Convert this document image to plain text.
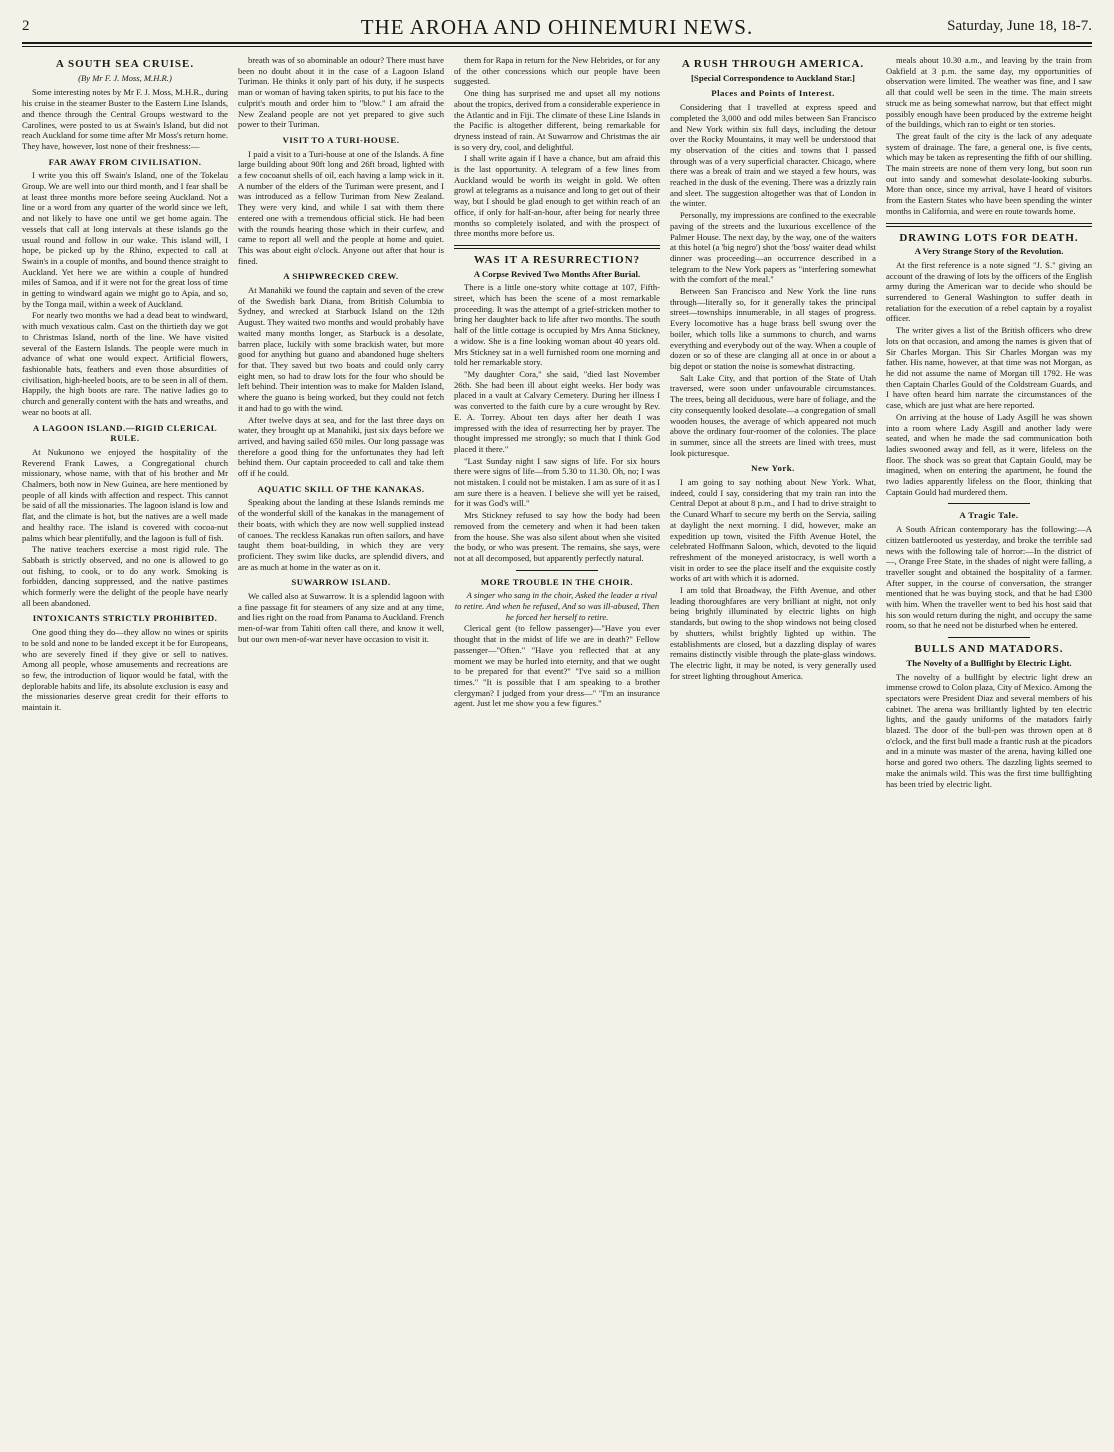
2	THE AROHA AND OHINEMURI NEWS.	Saturday, June 18, 18-7.
A SOUTH SEA CRUISE.

(By Mr F. J. Moss, M.H.R.)

Some interesting notes by Mr F. J. Moss, M.H.R., during his cruise in the steamer Buster to the Eastern Line Islands, and thence through the Central Groups westward to the Carolines, were posted to us at Swain's Island, but did not reach Auckland for some time after Mr Moss's return home. They have, however, lost none of their freshness:—

FAR AWAY FROM CIVILISATION.

I write you this off Swain's Island, one of the Tokelau Group. We are well into our third month, and I fear shall be at least three months more before seeing Auckland. Not a line or a word from any quarter of the world since we left, and not likely to have one until we get home again. The vessels that call at long intervals at these islands go the usual round and follow in our wake. This island will, I hope, be picked up by the Rhino, expected to call at Swain's in a couple of months, and bound thence straight to Auckland. Yet here we are within a couple of hundred miles of Samoa, and if it were not for the great loss of time in getting to windward again we might go to Apia, and so, by the Tonga mail, within a week of Auckland.

For nearly two months we had a dead beat to windward, with much vexatious calm. Cast on the thirtieth day we got to Christmas Island, north of the line. We have visited several of the Eastern Islands. The people were much in advance of what one would expect. Artificial flowers, fashionable hats, feathers and even those absurdities of civilisation, high-heeled boots, are to be seen in all of them. Happily, the high boots are rare. The native ladies go to church and generally content with the hats and wreaths, and wear no boots at all.

A LAGOON ISLAND.—RIGID CLERICAL RULE.

At Nukunono we enjoyed the hospitality of the Reverend Frank Lawes, a Congregational church missionary, whose name, with that of his brother and Mr Chalmers, both now in New Guinea, are here mentioned by people of all kinds with affection and respect. This cannot be said of all the missionaries. The lagoon island is low and flat, and the climate is hot, but the natives are a well made and healthy race. The island is covered with cocoa-nut palms which bear plentifully, and the lagoon is full of fish.

The native teachers exercise a most rigid rule. The Sabbath is strictly observed, and no one is allowed to go out fishing, to cook, or to do any work. Smoking is forbidden, dancing suppressed, and the native pastimes which formerly were the delight of the people have nearly all been abandoned.

INTOXICANTS STRICTLY PROHIBITED.

One good thing they do—they allow no wines or spirits to be sold and none to be landed except it be for Europeans, who are severely fined if they give or sell to natives. Among all people, whose amusements and recreations are so few, the introduction of liquor would be fatal, with the deplorable habits and life, its absolute exclusion is easy and the missionaries deserve great credit for their efforts to maintain it.

breath was of so abominable an odour? There must have been no doubt about it in the case of a Lagoon Island Turiman. He thinks it only part of his duty, if he suspects man or woman of having taken spirits, to put his face to the culprit's mouth and order him to "blow." I am afraid the New Zealand people are not yet prepared to give such power to their Turiman.

VISIT TO A TURI-HOUSE.

I paid a visit to a Turi-house at one of the Islands. A fine large building about 90ft long and 26ft broad, lighted with a few cocoanut shells of oil, each having a lamp wick in it. A number of the elders of the Turiman were present, and I was introduced as a fellow Turiman from New Zealand. They were very kind, and while I sat with them there entered one with a tremendous official stick. He had been with the rounds hearing those which in their curfew, and came to report all well and the people at home and quiet. This was about eight o'clock. Anyone out after that hour is fined.

A SHIPWRECKED CREW.

At Manahiki we found the captain and seven of the crew of the Swedish bark Diana, from British Columbia to Sydney, and wrecked at Starbuck Island on the 12th August. They waited two months and would probably have waited many months longer, as Starbuck is a desolate, barren place, luckily with some brackish water, but more good for anything but guano and abandoned huge shelters for that. They saved but two boats and could only carry eight men, so had to draw lots for the four who should be left behind. Their intention was to make for Malden Island, where the guano is being worked, but they could not fetch it and had to go with the wind.

After twelve days at sea, and for the last three days on water, they brought up at Manahiki, just six days before we arrived, and having sailed 650 miles. Our long passage was therefore a good thing for the unfortunates they had left behind them. Our captain proceeded to call and take them off if he could.

AQUATIC SKILL OF THE KANAKAS.

Speaking about the landing at these Islands reminds me of the wonderful skill of the kanakas in the management of their boats, with which they are now well supplied instead of canoes. The reckless Kanakas run often sailors, and have taught them boat-building, in which they are very proficient. They swim like ducks, are splendid divers, and are as much at home in the water as on it.

SUWARROW ISLAND.

We called also at Suwarrow. It is a splendid lagoon with a fine passage fit for steamers of any size and at any time, and lies right on the road from Panama to Auckland. French men-of-war from Tahiti often call there, and know it well, but our own men-of-war never have occasion to visit it.

them for Rapa in return for the New Hebrides, or for any of the other concessions which our people have been suggested.

One thing has surprised me and upset all my notions about the tropics, derived from a considerable experience in the Atlantic and in Fiji. The climate of these Line Islands in the Pacific is altogether different, being remarkable for dryness instead of rain. At Suwarrow and Christmas the air is so very dry, cool, and delightful.

I shall write again if I have a chance, but am afraid this is the last opportunity. A telegram of a few lines from Auckland would be worth its weight in gold. We often growl at telegrams as a nuisance and long to get out of their way, but I should be glad enough to get within reach of an office, if only for half-an-hour, after being for nearly three months so completely isolated, and with the prospect of three months more before us.

WAS IT A RESURRECTION?
A Corpse Revived Two Months After Burial.

There is a little one-story white cottage at 107, Fifth-street, which has been the scene of a most remarkable proceeding. It was the attempt of a grief-stricken mother to bring her daughter back to life after two months. The south half of the little cottage is occupied by Mrs Anna Stickney, a widow. She is a fine looking woman about 40 years old. Mrs Stickney sat in a well furnished room one morning and told her remarkable story.

"My daughter Cora," she said, "died last November 26th. She had been ill about eight weeks. Her body was placed in a vault at Calvary Cemetery. During her illness I was converted to the faith cure by a cure wrought by Rev. E. A. Torrey. About ten days after her death I was impressed with the idea of resurrecting her by prayer. The thought impressed me strongly; so much that I think God placed it there."

"Last Sunday night I saw signs of life. For six hours there were signs of life—from 5.30 to 11.30. Oh, no; I was not mistaken. I could not be mistaken. I am as sure of it as I am sure there is a heaven. I believe she will yet be raised, for it was God's will."

Mrs Stickney refused to say how the body had been removed from the cemetery and when it had been taken from the house. She was also silent about when she visited the body, or who was present. The remains, she says, were not at all decomposed, but apparently perfectly natural.

MORE TROUBLE IN THE CHOIR.

A singer who sang in the choir, Asked the leader a rival to retire. And when he refused, And so was ill-abused, Then he forced her herself to retire.

Clerical gent (to fellow passenger)—"Have you ever thought that in the midst of life we are in death?" Fellow passenger—"Often." "Have you reflected that at any moment we may be hurled into eternity, and that we ought to be prepared for that event?" "I've said so a million times." "It is possible that I am speaking to a brother clergyman? I judged from your dress—" "I'm an insurance agent. Just let me show you a few figures."

A RUSH THROUGH AMERICA.
[Special Correspondence to Auckland Star.]
Places and Points of Interest.

Considering that I travelled at express speed and completed the 3,000 and odd miles between San Francisco and New York within six full days, including the detour over the Rocky Mountains, it may well be understood that my observation of the cities and towns that I passed through was of a very superficial character. Chicago, where there was a break of train and we stayed a few hours, was reached in the dusk of the evening. There was a drizzly rain and sleet. The suggestion altogether was that of London in the winter.

Personally, my impressions are confined to the execrable paving of the streets and the luxurious excellence of the Palmer House. The next day, by the way, one of the waiters at this hotel (a 'big negro') shot the 'boss' waiter dead whilst dinner was proceeding—an occurrence described in a telegram to the New York papers as "interfering somewhat with the comfort of the meal."

Between San Francisco and New York the line runs through—literally so, for it generally takes the principal street—townships innumerable, in all stages of progress. Every locomotive has a huge brass bell swung over the boiler, which tolls like a summons to church, and warns everything and everybody out of the way. When a couple of dozen or so of these are clanging all at once in or about a big depot or station the noise is somewhat distracting.

Salt Lake City, and that portion of the State of Utah traversed, were soon under unfavourable circumstances. The trees, being all deciduous, were bare of foliage, and the city consequently looked desolate—a congregation of small wooden houses, the average of which appeared not much above the ordinary four-roomer of the colonies. The place in summer, since all the streets are lined with trees, must look picturesque.

New York.

I am going to say nothing about New York. What, indeed, could I say, considering that my train ran into the Central Depot at about 8 p.m., and I had to drive straight to the Cunard Wharf to secure my berth on the Servia, sailing at daylight the next morning. I did, however, make an expedition up town, visited the Fifth Avenue Hotel, the celebrated Hoffmann Saloon, which, devoted to the liquid refreshment of the moneyed aristocracy, is well worth a visit in order to see the place itself and the exquisite costly works of art with which it is adorned.

I am told that Broadway, the Fifth Avenue, and other leading thoroughfares are very brilliant at night, not only being brightly illuminated by electric lights on high standards, but owing to the shop windows not being closed by shutters, whilst brightly lighted up within. The establishments are closed, but a dazzling display of wares remains distinctly visible through the plate-glass windows. The electric light, it may be noted, is very generally used for street lighting throughout America.

meals about 10.30 a.m., and leaving by the train from Oakfield at 3 p.m. the same day, my opportunities of observation were limited. The weather was fine, and I saw all that could well be seen in the time. The main streets struck me as being somewhat narrow, but that effect might possibly enough have been produced by the extreme height of the buildings, which ran to eight or ten stories.

The great fault of the city is the lack of any adequate system of drainage. The fare, a general one, is five cents, which may be taken as representing the fifth of our shilling. The main streets are none of them very long, but soon run out into sandy and somewhat desolate-looking suburbs. More than once, since my arrival, have I heard of visitors from the Eastern States who have been spending the winter months in California, and were en route towards home.

DRAWING LOTS FOR DEATH.
A Very Strange Story of the Revolution.

At the first reference is a note signed "J. S." giving an account of the drawing of lots by the officers of the English army during the American war to decide who should be surrendered to General Washington to suffer death in retaliation for the execution of a rebel captain by a royalist officer.

The writer gives a list of the British officers who drew lots on that occasion, and among the names is given that of Sir Charles Morgan. This Sir Charles Morgan was my father. His name, however, at that time was not Morgan, as he did not assume the name of Morgan till 1792. He was then Captain Charles Gould of the Coldstream Guards, and I have often heard him narrate the circumstances of the case, which are just what are here reported.

On arriving at the house of Lady Asgill he was shown into a room where Lady Asgill and another lady were seated, and when he made the sad communication both ladies swooned away and fell, as it were, lifeless on the floor. The shock was so great that Captain Gould, may be imagined, when on entering the apartment, he found the two ladies apparently lifeless on the floor, thinking that Captain Gould had murdered them.

A Tragic Tale.

A South African contemporary has the following:—A citizen battlerooted us yesterday, and broke the terrible sad news with the following tale of horror:—In the district of —, Orange Free State, in the shades of night were falling, a traveller sought and obtained the hospitality of a farmer. After supper, in the course of conversation, the stranger mentioned that he was buying stock, and that he had £300 with him. When the traveller went to bed his host said that his son would return during the night, and occupy the same room, so that he need not be disturbed when he entered.

BULLS AND MATADORS.
The Novelty of a Bullfight by Electric Light.

The novelty of a bullfight by electric light drew an immense crowd to Colon plaza, City of Mexico. Among the spectators were President Diaz and several members of his cabinet. The arena was brilliantly lighted by ten electric lights, and the gaudy uniforms of the matadors fairly blazed. The door of the bull-pen was thrown open at 8 o'clock, and the first bull made a frantic rush at the picadors and in a minute was master of the arena, having killed one horse and gored two others. The dazzling lights seemed to make the animals wild. This was the first time bullfighting has been tried by electric light.
